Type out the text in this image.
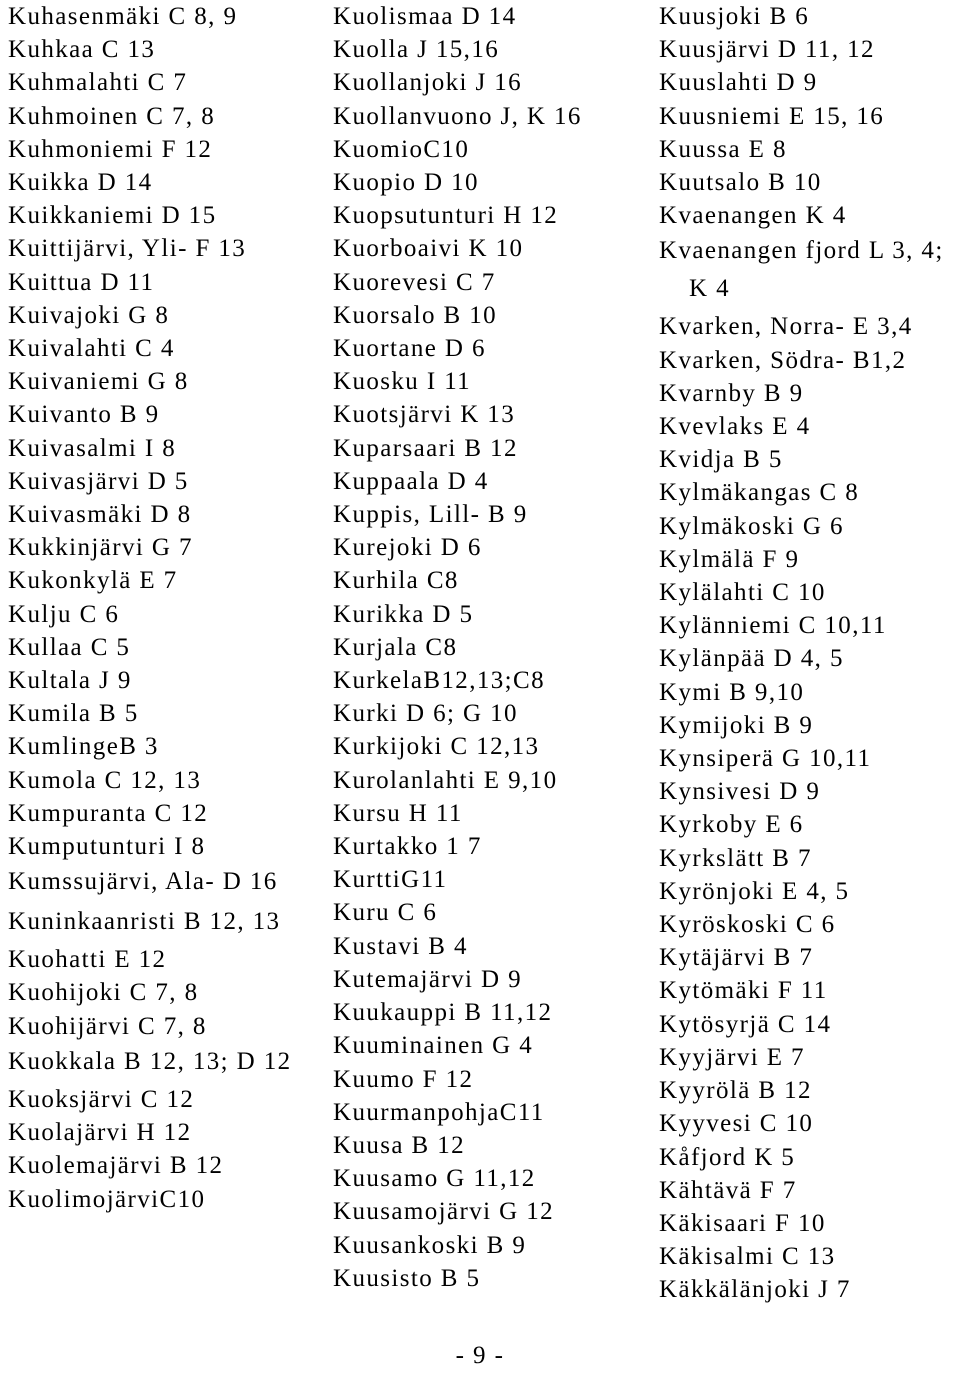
Kuhasenmäki C 8, 9
Kuhkaa C 13
Kuhmalahti C 7
Kuhmoinen C 7, 8
Kuhmoniemi F 12
Kuikka D 14
Kuikkaniemi D 15
Kuittijärvi, Yli- F 13
Kuittua D 11
Kuivajoki G 8
Kuivalahti C 4
Kuivaniemi G 8
Kuivanto B 9
Kuivasalmi I 8
Kuivasjärvi D 5
Kuivasmäki D 8
Kukkinjärvi G 7
Kukonkylä E 7
Kulju C 6
Kullaa C 5
Kultala J 9
Kumila B 5
KumlingeB 3
Kumola C 12, 13
Kumpuranta C 12
Kumputunturi I 8
Kumssujärvi, Ala- D 16
Kuninkaanristi B 12, 13
Kuohatti E 12
Kuohijoki C 7, 8
Kuohijärvi C 7, 8
Kuokkala B 12, 13; D 12
Kuoksjärvi C 12
Kuolajärvi H 12
Kuolemajärvi B 12
KuolimojärviC10
Kuolismaa D 14
Kuolla J 15,16
Kuollanjoki J 16
Kuollanvuono J, K 16
KuomioC10
Kuopio D 10
Kuopsutunturi H 12
Kuorboaivi K 10
Kuorevesi C 7
Kuorsalo B 10
Kuortane D 6
Kuosku I 11
Kuotsjärvi K 13
Kuparsaari B 12
Kuppaala D 4
Kuppis, Lill- B 9
Kurejoki D 6
Kurhila C8
Kurikka D 5
Kurjala C8
KurkelaB12,13;C8
Kurki D 6; G 10
Kurkijoki C 12,13
Kurolanlahti E 9,10
Kursu H 11
Kurtakko 1 7
KurttiG11
Kuru C 6
Kustavi B 4
Kutemajärvi D 9
Kuukauppi B 11,12
Kuuminainen G 4
Kuumo F 12
KuurmanpohjaC11
Kuusa B 12
Kuusamo G 11,12
Kuusamojärvi G 12
Kuusankoski B 9
Kuusisto B 5
Kuusjoki B 6
Kuusjärvi D 11, 12
Kuuslahti D 9
Kuusniemi E 15, 16
Kuussa E 8
Kuutsalo B 10
Kvaenangen K 4
Kvaenangen fjord L 3, 4; K 4
Kvarken, Norra- E 3,4
Kvarken, Södra- B1,2
Kvarnby B 9
Kvevlaks E 4
Kvidja B 5
Kylmäkangas C 8
Kylmäkoski G 6
Kylmälä F 9
Kylälahti C 10
Kylänniemi C 10,11
Kylänpää D 4, 5
Kymi B 9,10
Kymijoki B 9
Kynsiperä G 10,11
Kynsivesi D 9
Kyrkoby E 6
Kyrkslätt B 7
Kyrönjoki E 4, 5
Kyröskoski C 6
Kytäjärvi B 7
Kytömäki F 11
Kytösyrjä C 14
Kyyjärvi E 7
Kyyrölä B 12
Kyyvesi C 10
Kåfjord K 5
Kähtävä F 7
Käkisaari F 10
Käkisalmi C 13
Käkkälänjoki J 7
- 9 -
